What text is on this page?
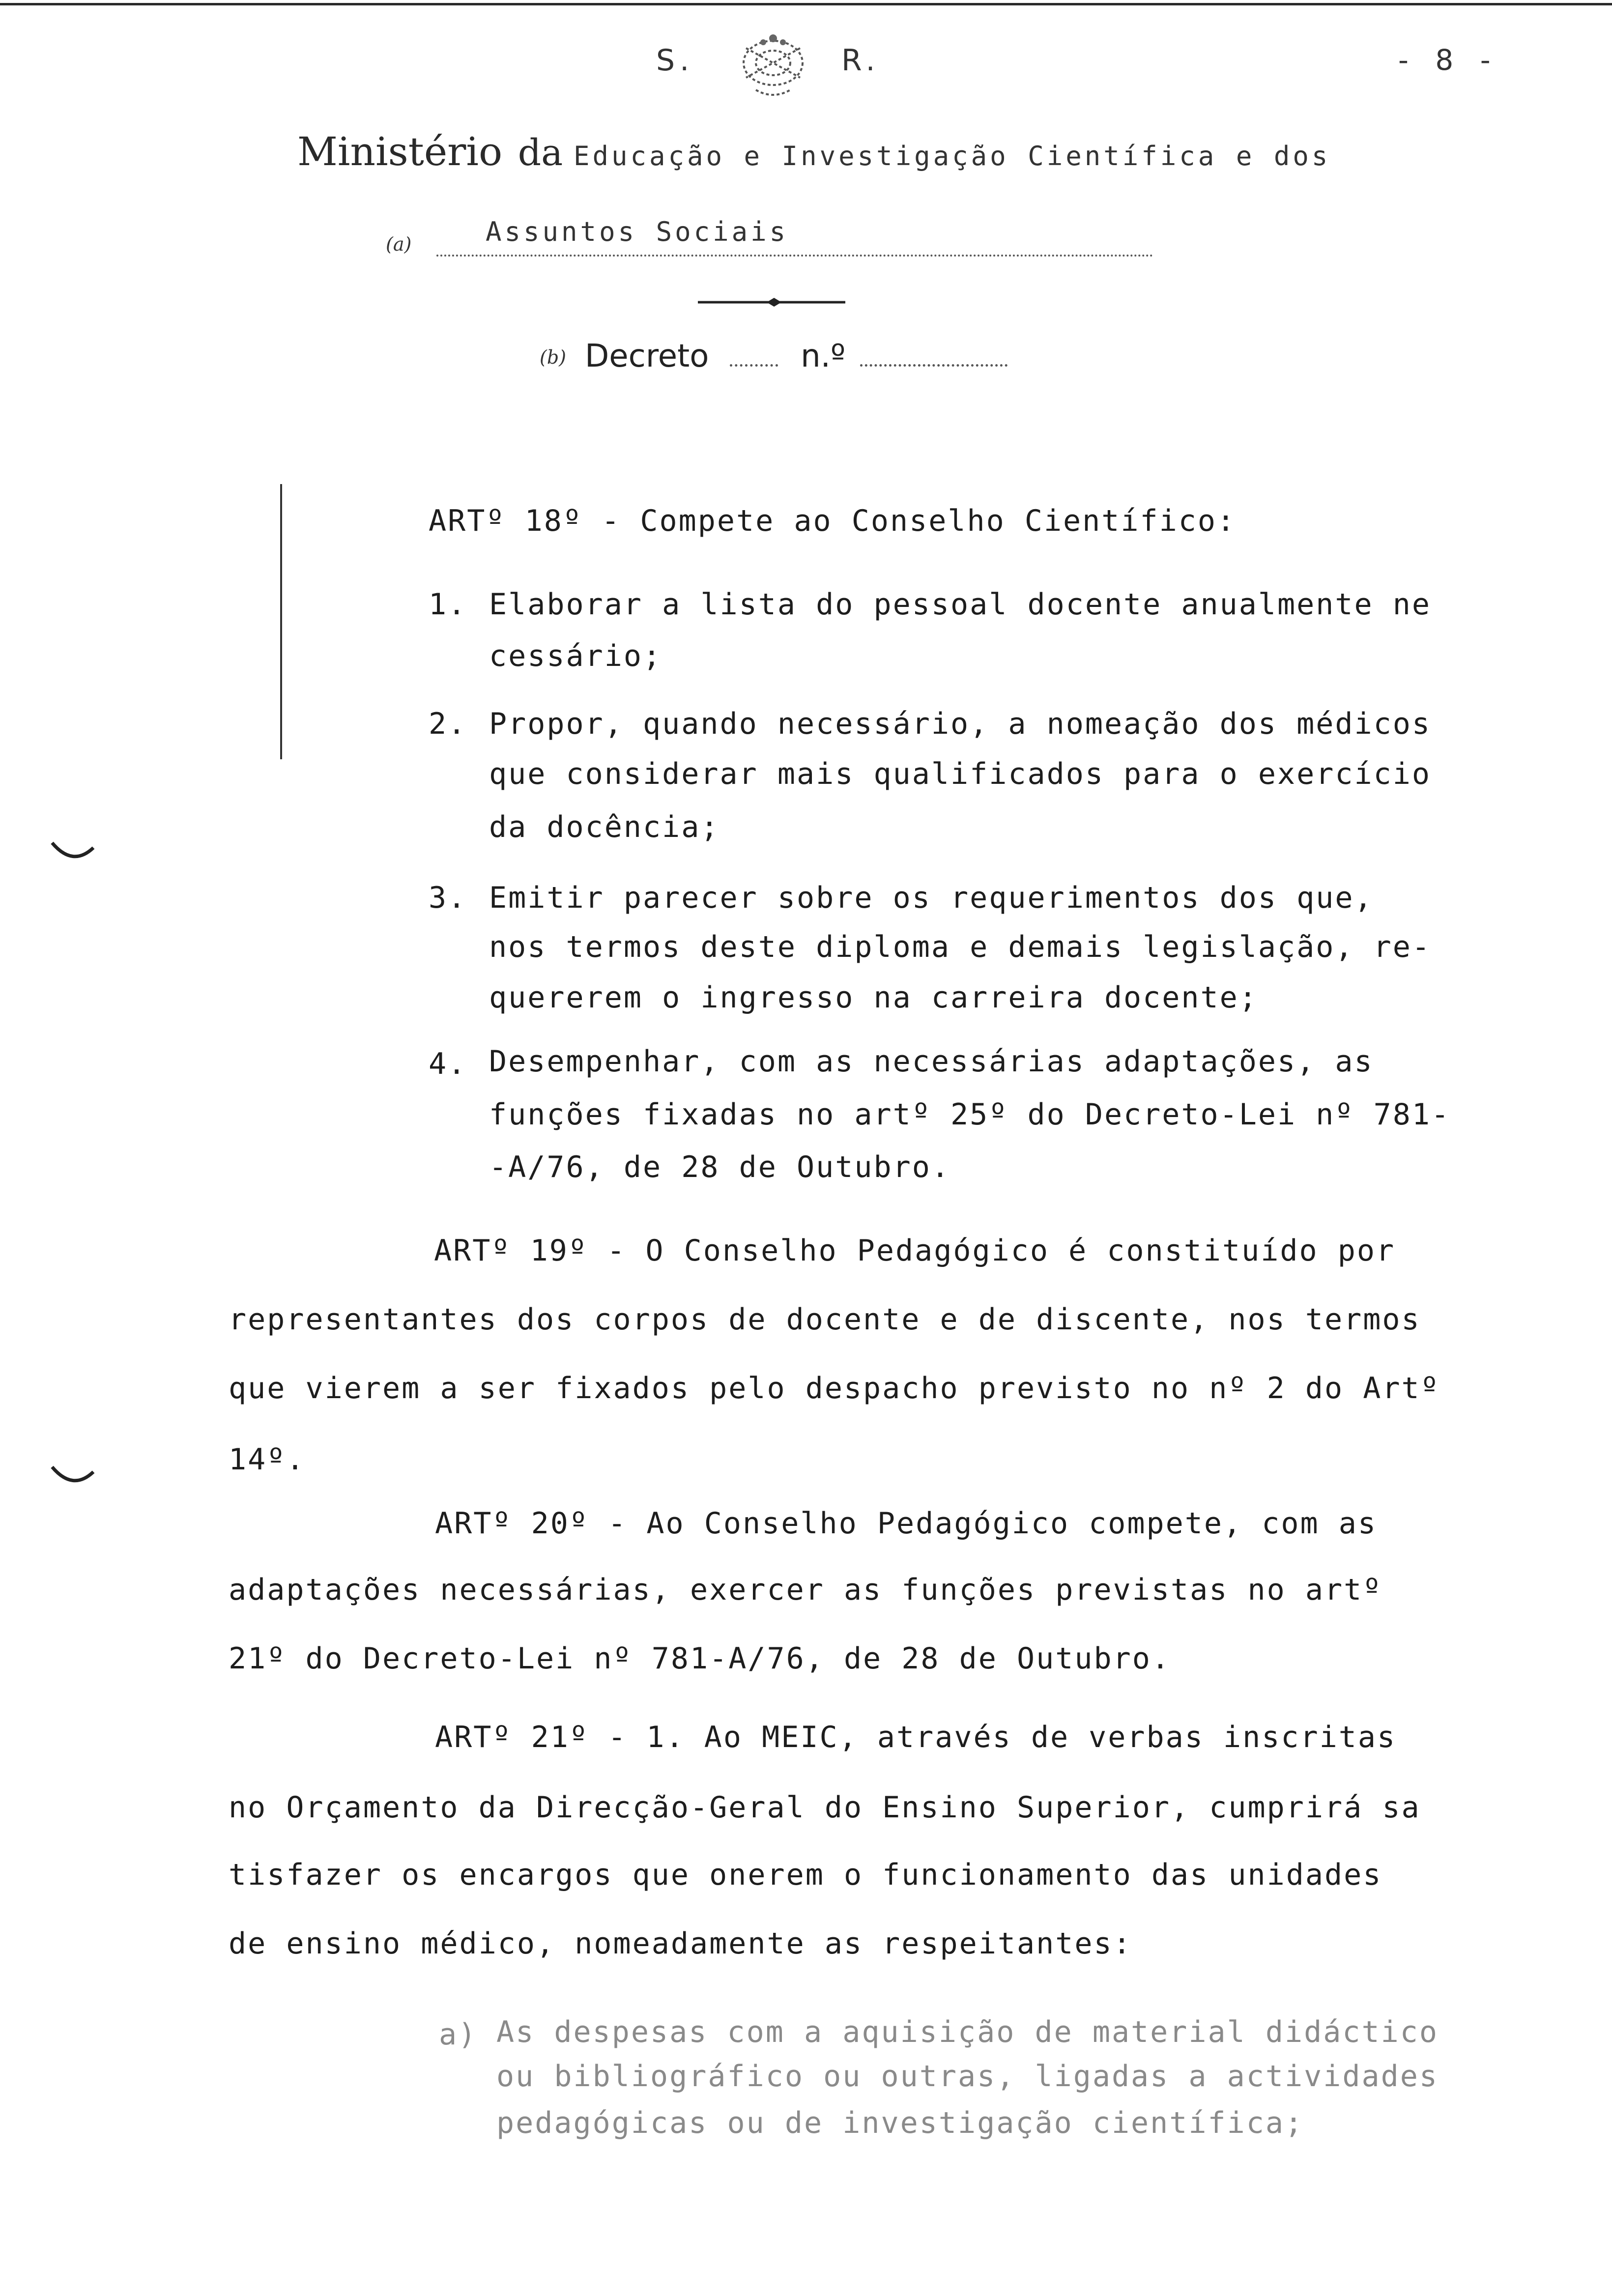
S.	R.	- 8 -
Ministério da Educação e Investigação Científica e dos
(a)	Assuntos Sociais
(b) Decreto	n.º
ARTº 18º - Compete ao Conselho Científico:
1. Elaborar a lista do pessoal docente anualmente ne
cessário;
2. Propor, quando necessário, a nomeação dos médicos
que considerar mais qualificados para o exercício
da docência;
3. Emitir parecer sobre os requerimentos dos que,
nos termos deste diploma e demais legislação, re-
quererem o ingresso na carreira docente;
4. Desempenhar, com as necessárias adaptações, as
funções fixadas no artº 25º do Decreto-Lei nº 781-
-A/76, de 28 de Outubro.
ARTº 19º - O Conselho Pedagógico é constituído por
representantes dos corpos de docente e de discente, nos termos
que vierem a ser fixados pelo despacho previsto no nº 2 do Artº
14º.
ARTº 20º - Ao Conselho Pedagógico compete, com as
adaptações necessárias, exercer as funções previstas no artº
21º do Decreto-Lei nº 781-A/76, de 28 de Outubro.
ARTº 21º - 1. Ao MEIC, através de verbas inscritas
no Orçamento da Direcção-Geral do Ensino Superior, cumprirá sa
tisfazer os encargos que onerem o funcionamento das unidades
de ensino médico, nomeadamente as respeitantes:
a) As despesas com a aquisição de material didáctico
ou bibliográfico ou outras, ligadas a actividades
pedagógicas ou de investigação científica;
